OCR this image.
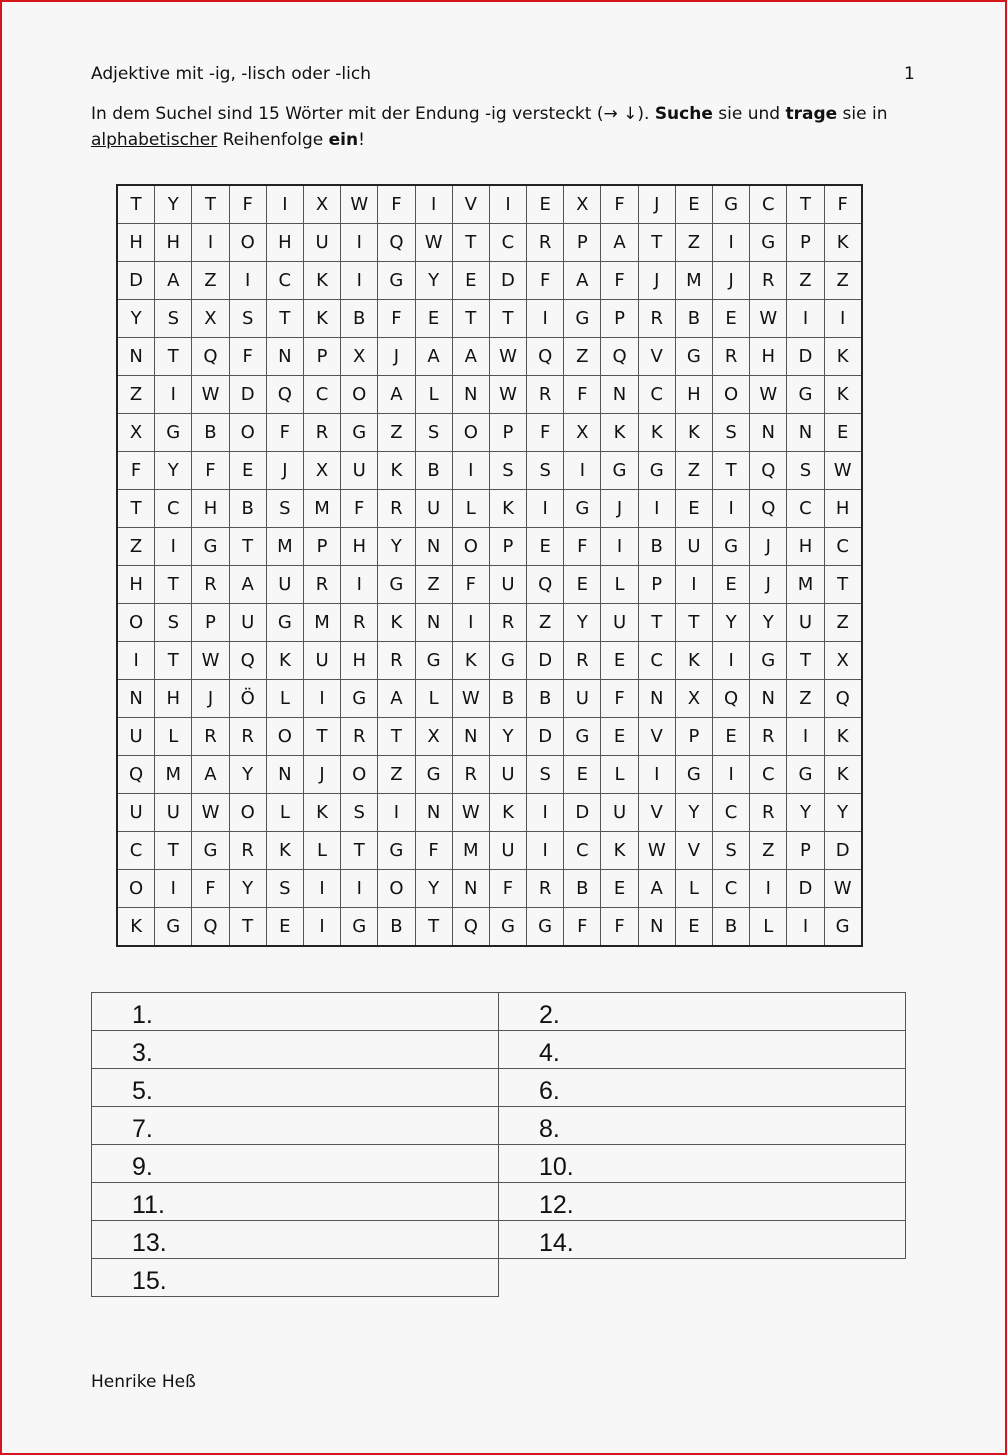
Adjektive mit -ig, -lisch oder -lich	1
In dem Suchel sind 15 Wörter mit der Endung -ig versteckt (→ ↓). Suche sie und trage sie in
alphabetischer Reihenfolge ein!
T	Y	T	F	I	X	W	F	I	V	I	E	X	F	J	E	G	C	T	F
H	H	I	O	H	U	I	Q	W	T	C	R	P	A	T	Z	I	G	P	K
D	A	Z	I	C	K	I	G	Y	E	D	F	A	F	J	M	J	R	Z	Z
Y	S	X	S	T	K	B	F	E	T	T	I	G	P	R	B	E	W	I	I
N	T	Q	F	N	P	X	J	A	A	W	Q	Z	Q	V	G	R	H	D	K
Z	I	W	D	Q	C	O	A	L	N	W	R	F	N	C	H	O	W	G	K
X	G	B	O	F	R	G	Z	S	O	P	F	X	K	K	K	S	N	N	E
F	Y	F	E	J	X	U	K	B	I	S	S	I	G	G	Z	T	Q	S	W
T	C	H	B	S	M	F	R	U	L	K	I	G	J	I	E	I	Q	C	H
Z	I	G	T	M	P	H	Y	N	O	P	E	F	I	B	U	G	J	H	C
H	T	R	A	U	R	I	G	Z	F	U	Q	E	L	P	I	E	J	M	T
O	S	P	U	G	M	R	K	N	I	R	Z	Y	U	T	T	Y	Y	U	Z
I	T	W	Q	K	U	H	R	G	K	G	D	R	E	C	K	I	G	T	X
N	H	J	Ö	L	I	G	A	L	W	B	B	U	F	N	X	Q	N	Z	Q
U	L	R	R	O	T	R	T	X	N	Y	D	G	E	V	P	E	R	I	K
Q	M	A	Y	N	J	O	Z	G	R	U	S	E	L	I	G	I	C	G	K
U	U	W	O	L	K	S	I	N	W	K	I	D	U	V	Y	C	R	Y	Y
C	T	G	R	K	L	T	G	F	M	U	I	C	K	W	V	S	Z	P	D
O	I	F	Y	S	I	I	O	Y	N	F	R	B	E	A	L	C	I	D	W
K	G	Q	T	E	I	G	B	T	Q	G	G	F	F	N	E	B	L	I	G
1.	2.
3.	4.
5.	6.
7.	8.
9.	10.
11.	12.
13.	14.
15.	
Henrike Heß
